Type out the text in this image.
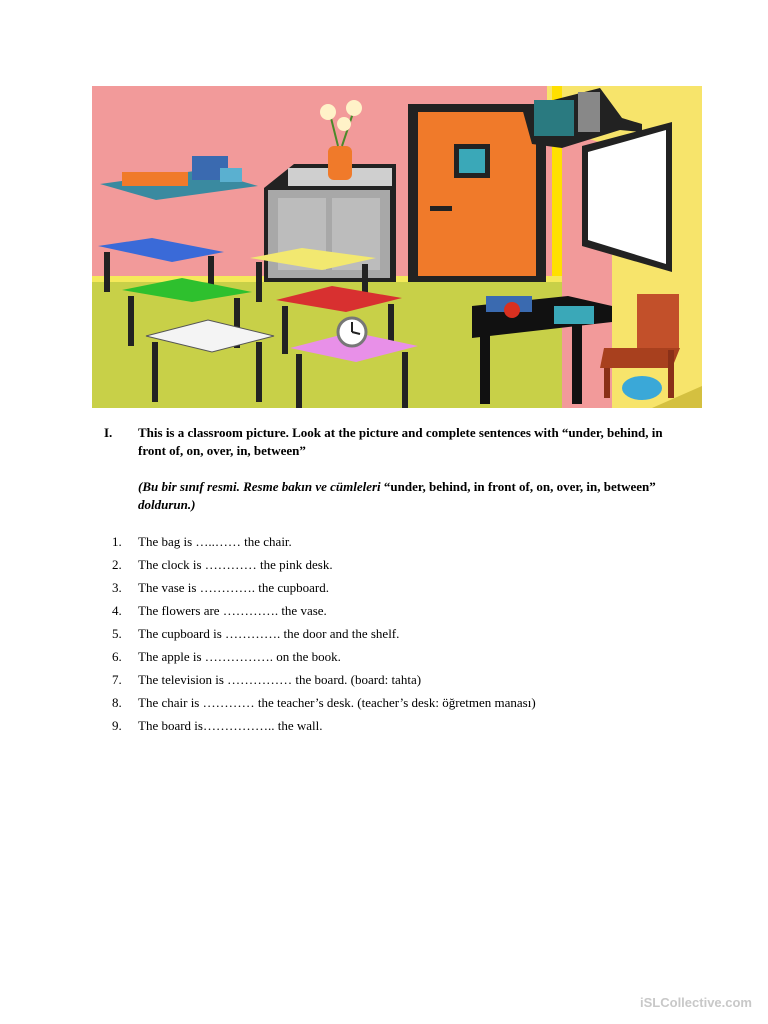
I.	This is a classroom picture. Look at the picture and complete sentences with “under, behind, in front of, on, over, in, between”
(Bu bir sınıf resmi. Resme bakın ve cümleleri “under, behind, in front of, on, over, in, between” doldurun.)
1.	The bag is …..…… the chair.
2.	The clock is ………… the pink desk.
3.	The vase is …………. the cupboard.
4.	The flowers are …………. the vase.
5.	The cupboard is …………. the door and the shelf.
6.	The apple is ……………. on the book.
7.	The television is …………… the board. (board: tahta)
8.	The chair is ………… the teacher’s desk. (teacher’s desk: öğretmen manası)
9.	The board is…………….. the wall.
iSLCollective.com
